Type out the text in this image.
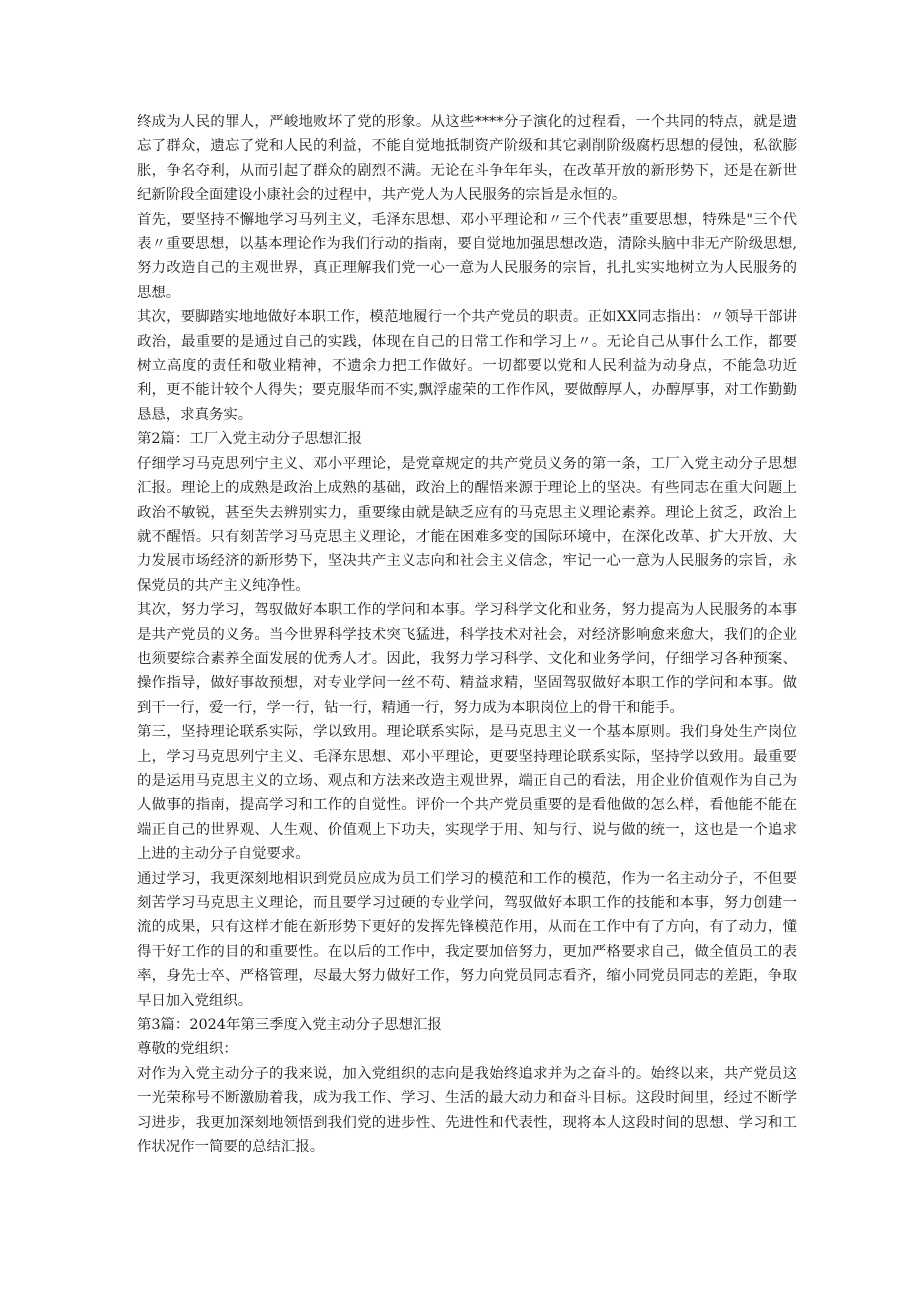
终成为人民的罪人，严峻地败坏了党的形象。从这些****分子演化的过程看，一个共同的特点，就是遗忘了群众，遗忘了党和人民的利益，不能自觉地抵制资产阶级和其它剥削阶级腐朽思想的侵蚀，私欲膨胀，争名夺利，从而引起了群众的剧烈不满。无论在斗争年年头，在改革开放的新形势下，还是在新世纪新阶段全面建设小康社会的过程中，共产党人为人民服务的宗旨是永恒的。

首先，要坚持不懈地学习马列主义，毛泽东思想、邓小平理论和〃三个代表”重要思想，特殊是"三个代表〃重要思想，以基本理论作为我们行动的指南，要自觉地加强思想改造，清除头脑中非无产阶级思想,努力改造自己的主观世界，真正理解我们党一心一意为人民服务的宗旨，扎扎实实地树立为人民服务的思想。

其次，要脚踏实地地做好本职工作，模范地履行一个共产党员的职责。正如XX同志指出：〃领导干部讲政治，最重要的是通过自己的实践，体现在自己的日常工作和学习上〃。无论自己从事什么工作，都要树立高度的责任和敬业精神，不遗余力把工作做好。一切都要以党和人民利益为动身点，不能急功近利，更不能计较个人得失；要克服华而不实,飘浮虚荣的工作作风，要做醇厚人，办醇厚事，对工作勤勤恳恳，求真务实。

第2篇：工厂入党主动分子思想汇报

仔细学习马克思列宁主义、邓小平理论，是党章规定的共产党员义务的第一条，工厂入党主动分子思想汇报。理论上的成熟是政治上成熟的基础，政治上的醒悟来源于理论上的坚决。有些同志在重大问题上政治不敏锐，甚至失去辨别实力，重要缘由就是缺乏应有的马克思主义理论素养。理论上贫乏，政治上就不醒悟。只有刻苦学习马克思主义理论，才能在困难多变的国际环境中，在深化改革、扩大开放、大力发展市场经济的新形势下，坚决共产主义志向和社会主义信念，牢记一心一意为人民服务的宗旨，永保党员的共产主义纯净性。

其次，努力学习，驾驭做好本职工作的学问和本事。学习科学文化和业务，努力提高为人民服务的本事是共产党员的义务。当今世界科学技术突飞猛进，科学技术对社会，对经济影响愈来愈大，我们的企业也须要综合素养全面发展的优秀人才。因此，我努力学习科学、文化和业务学问，仔细学习各种预案、操作指导，做好事故预想，对专业学问一丝不苟、精益求精，坚固驾驭做好本职工作的学问和本事。做到干一行，爱一行，学一行，钻一行，精通一行，努力成为本职岗位上的骨干和能手。

第三，坚持理论联系实际，学以致用。理论联系实际，是马克思主义一个基本原则。我们身处生产岗位上，学习马克思列宁主义、毛泽东思想、邓小平理论，更要坚持理论联系实际，坚持学以致用。最重要的是运用马克思主义的立场、观点和方法来改造主观世界，端正自己的看法，用企业价值观作为自己为人做事的指南，提高学习和工作的自觉性。评价一个共产党员重要的是看他做的怎么样，看他能不能在端正自己的世界观、人生观、价值观上下功夫，实现学于用、知与行、说与做的统一，这也是一个追求上进的主动分子自觉要求。

通过学习，我更深刻地相识到党员应成为员工们学习的模范和工作的模范，作为一名主动分子，不但要刻苦学习马克思主义理论，而且要学习过硬的专业学问，驾驭做好本职工作的技能和本事，努力创建一流的成果，只有这样才能在新形势下更好的发挥先锋模范作用，从而在工作中有了方向，有了动力，懂得干好工作的目的和重要性。在以后的工作中，我定要加倍努力，更加严格要求自己，做全值员工的表率，身先士卒、严格管理，尽最大努力做好工作，努力向党员同志看齐，缩小同党员同志的差距，争取早日加入党组织。

第3篇：2024年第三季度入党主动分子思想汇报

尊敬的党组织：

对作为入党主动分子的我来说，加入党组织的志向是我始终追求并为之奋斗的。始终以来，共产党员这一光荣称号不断激励着我，成为我工作、学习、生活的最大动力和奋斗目标。这段时间里，经过不断学习进步，我更加深刻地领悟到我们党的进步性、先进性和代表性，现将本人这段时间的思想、学习和工作状况作一简要的总结汇报。
